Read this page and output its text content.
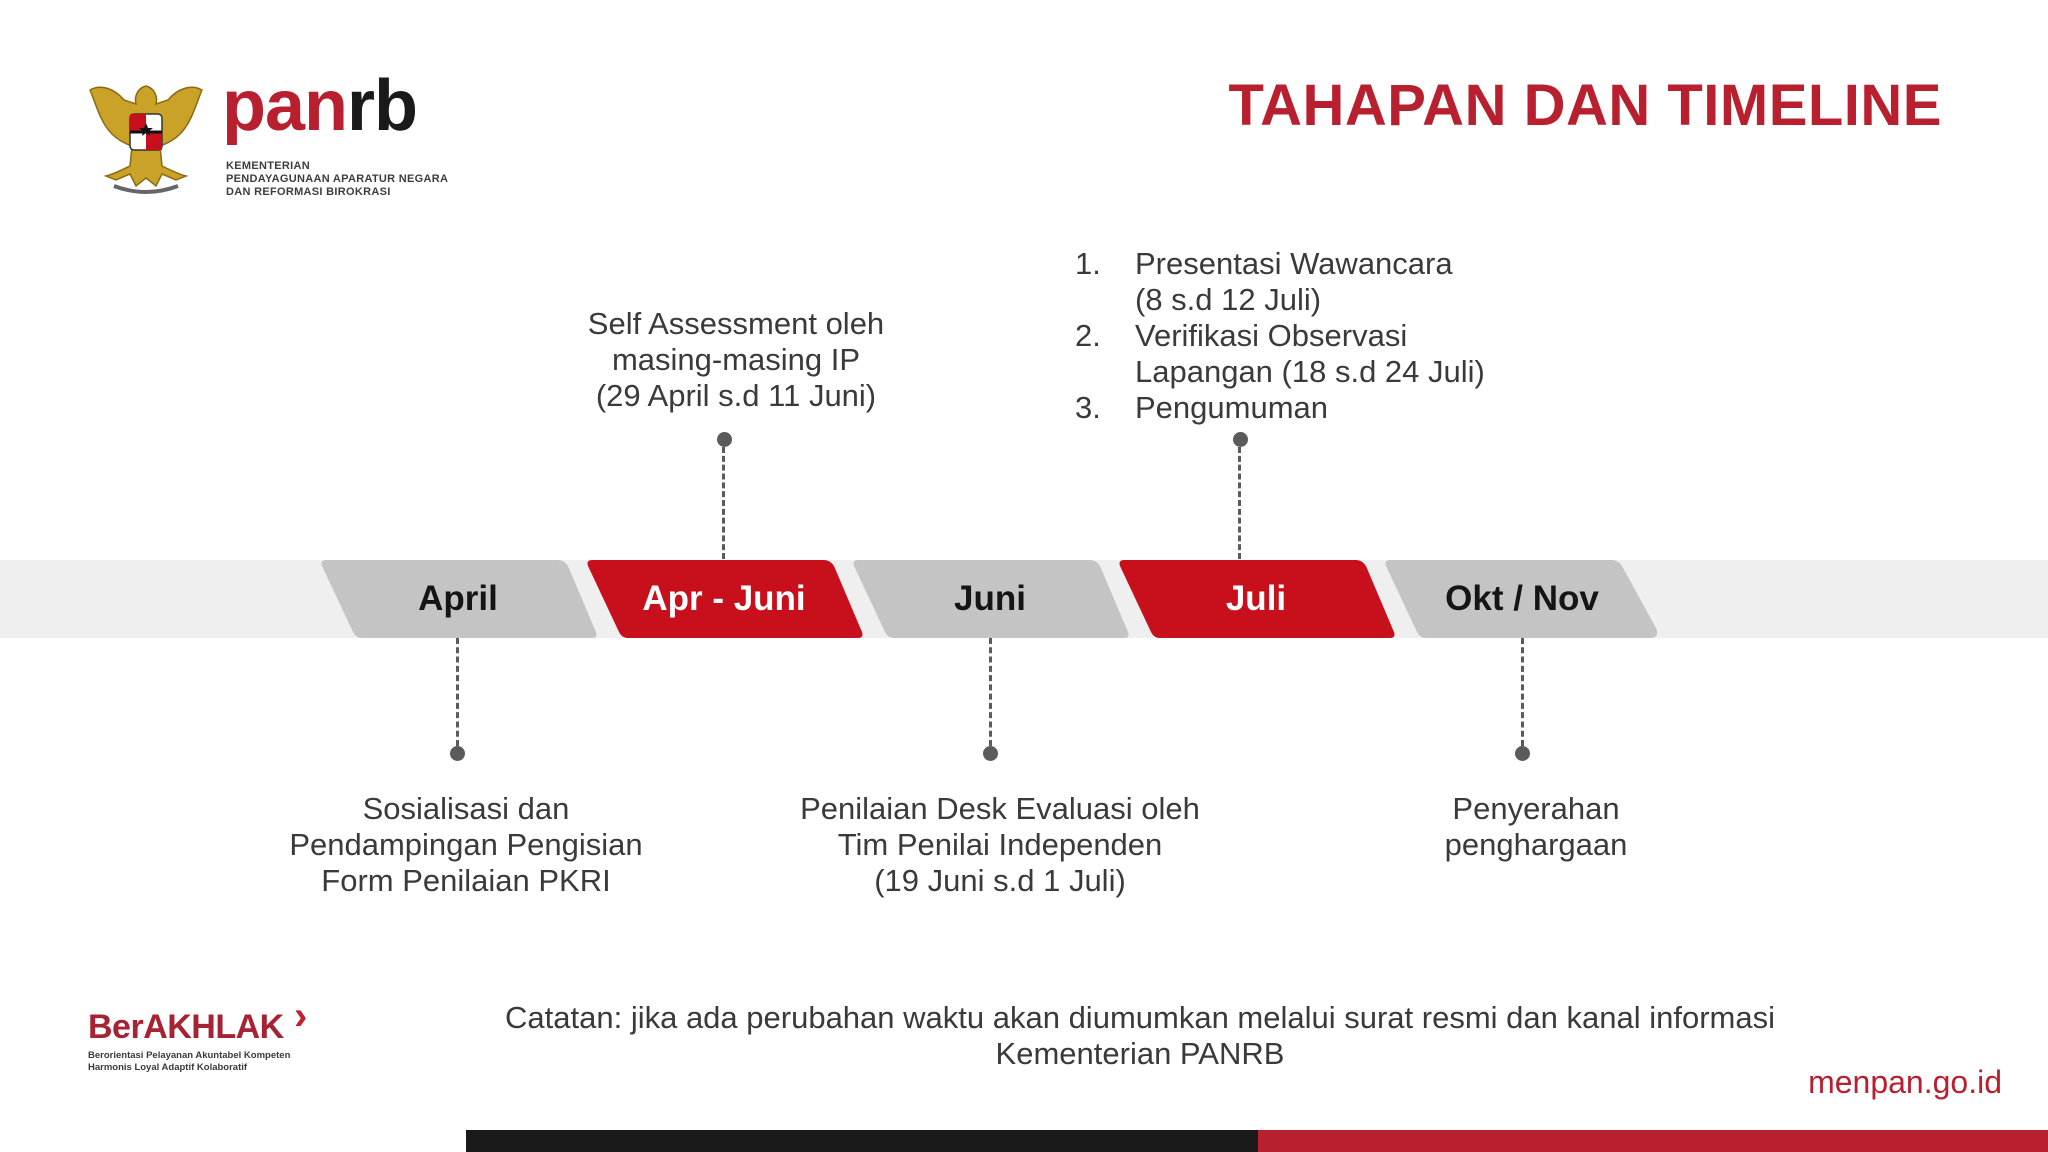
panrb
KEMENTERIAN
PENDAYAGUNAAN APARATUR NEGARA
DAN REFORMASI BIROKRASI
TAHAPAN DAN TIMELINE
April	Apr - Juni	Juni	Juli	Okt / Nov
Self Assessment oleh
masing-masing IP
(29 April s.d 11 Juni)
1.	Presentasi Wawancara
(8 s.d 12 Juli)
2.	Verifikasi Observasi
Lapangan (18 s.d 24 Juli)
3.	Pengumuman
Sosialisasi dan
Pendampingan Pengisian
Form Penilaian PKRI
Penilaian Desk Evaluasi oleh
Tim Penilai Independen
(19 Juni s.d 1 Juli)
Penyerahan
penghargaan
Catatan: jika ada perubahan waktu akan diumumkan melalui surat resmi dan kanal informasi
Kementerian PANRB
›
BerAKHLAK
Berorientasi Pelayanan Akuntabel Kompeten
Harmonis Loyal Adaptif Kolaboratif	menpan.go.id
